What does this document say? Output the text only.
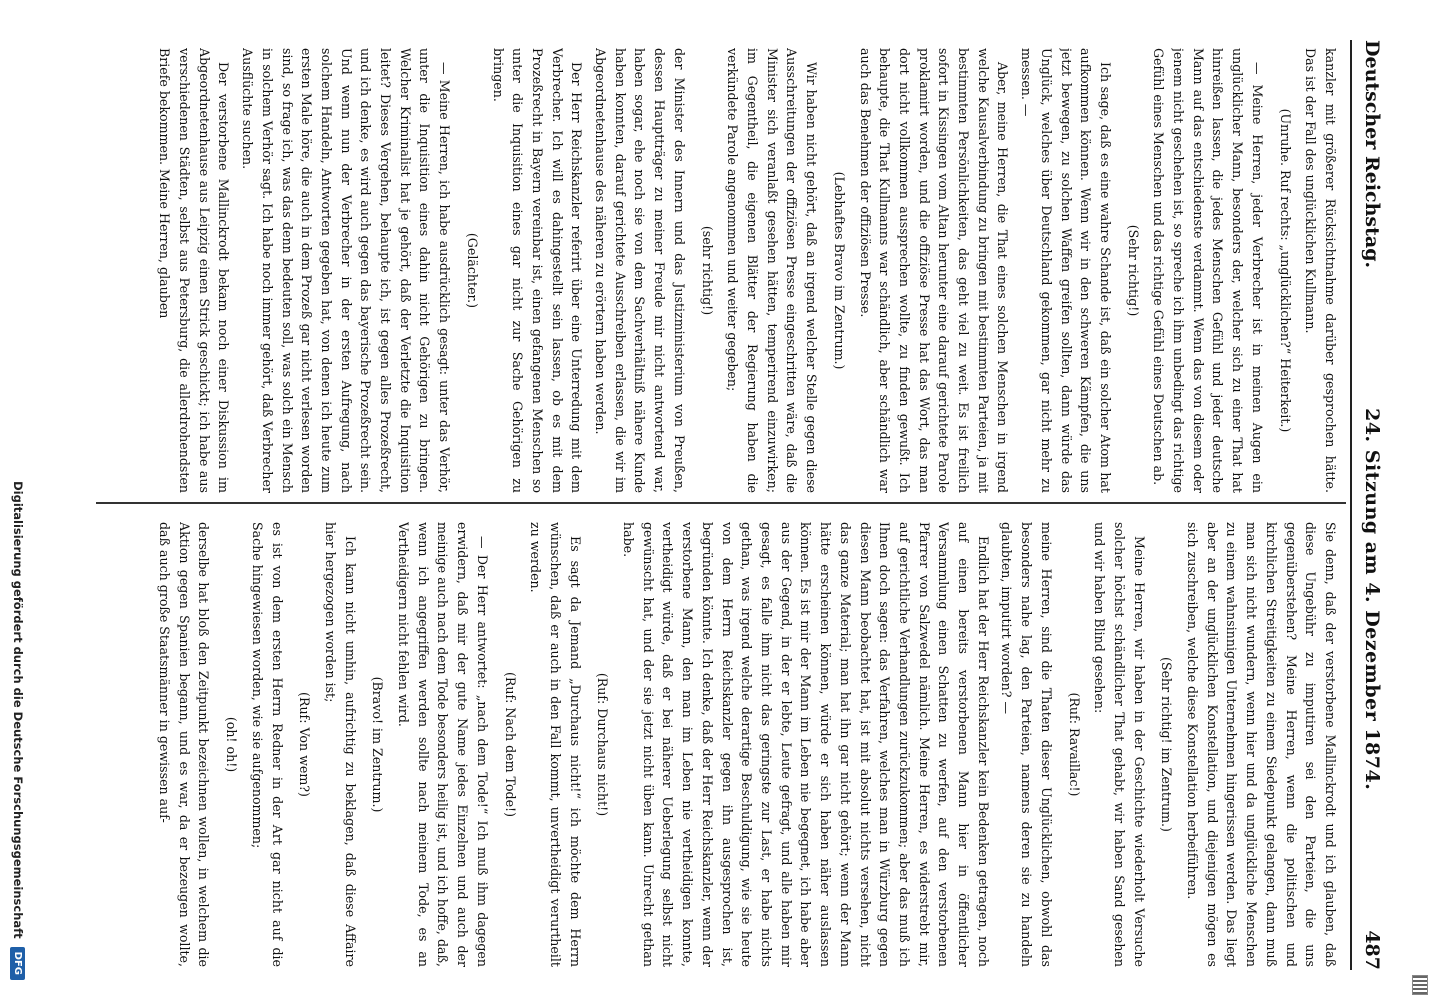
Deutscher Reichstag.
24. Sitzung am 4. Dezember 1874.
487

kanzler mit größerer Rücksichtnahme darüber gesprochen hätte. Das ist der Fall des unglücklichen Kullmann.

(Unruhe. Ruf rechts: „unglücklichen?“ Heiterkeit.)

— Meine Herren, jeder Verbrecher ist in meinen Augen ein unglücklicher Mann, besonders der, welcher sich zu einer That hat hinreißen lassen, die jedes Menschen Gefühl und jeder deutsche Mann auf das entschiedenste verdammt. Wenn das von diesem oder jenem nicht geschehen ist, so spreche ich ihm unbedingt das richtige Gefühl eines Menschen und das richtige Gefühl eines Deutschen ab.

(Sehr richtig!)

Ich sage, daß es eine wahre Schande ist, daß ein solcher Atom hat aufkommen können. Wenn wir in den schweren Kämpfen, die uns jetzt bewegen, zu solchen Waffen greifen sollten, dann würde das Unglück, welches über Deutschland gekommen, gar nicht mehr zu messen. —

Aber, meine Herren, die That eines solchen Menschen in irgend welche Kausalverbindung zu bringen mit bestimmten Parteien, ja mit bestimmten Persönlichkeiten, das geht viel zu weit. Es ist freilich sofort in Kissingen vom Altan herunter eine darauf gerichtete Parole proklamirt worden, und die offiziöse Presse hat das Wort, das man dort nicht vollkommen aussprechen wollte, zu finden gewußt. Ich behaupte, die That Kullmanns war schändlich, aber schändlich war auch das Benehmen der offiziösen Presse.

(Lebhaftes Bravo im Zentrum.)

Wir haben nicht gehört, daß an irgend welcher Stelle gegen diese Ausschreitungen der offiziösen Presse eingeschritten wäre, daß die Minister sich veranlaßt gesehen hätten, temperirend einzuwirken; im Gegentheil, die eigenen Blätter der Regierung haben die verkündete Parole angenommen und weiter gegeben;

(sehr richtig!)

der Minister des Innern und das Justizministerium von Preußen, dessen Hauptträger zu meiner Freude mir nicht antwortend war, haben sogar, ehe noch sie von dem Sachverhältniß nähere Kunde haben konnten, darauf gerichtete Ausschreiben erlassen, die wir im Abgeordnetenhause des näheren zu erörtern haben werden.

Der Herr Reichskanzler referirt über eine Unterredung mit dem Verbrecher. Ich will es dahingestellt sein lassen, ob es mit dem Prozeßrecht in Bayern vereinbar ist, einen gefangenen Menschen so unter die Inquisition eines gar nicht zur Sache Gehörigen zu bringen.

(Gelächter.)

— Meine Herren, ich habe ausdrücklich gesagt: unter das Verhör, unter die Inquisition eines dahin nicht Gehörigen zu bringen. Welcher Kriminalist hat je gehört, daß der Verletzte die Inquisition leitet? Dieses Vergehen, behaupte ich, ist gegen alles Prozeßrecht, und ich denke, es wird auch gegen das bayerische Prozeßrecht sein. Und wenn nun der Verbrecher in der ersten Aufregung, nach solchem Handeln, Antworten gegeben hat, von denen ich heute zum ersten Male höre, die auch in dem Prozeß gar nicht verlesen worden sind, so frage ich, was das denn bedeuten soll, was solch ein Mensch in solchem Verhör sagt. Ich habe noch immer gehört, daß Verbrecher Ausflüchte suchen.

Der verstorbene Mallinckrodt bekam noch einer Diskussion im Abgeordnetenhause aus Leipzig einen Strick geschickt; ich habe aus verschiedenen Städten, selbst aus Petersburg, die allerdrohendsten Briefe bekommen. Meine Herren, glauben

Sie denn, daß der verstorbene Mallinckrodt und ich glauben, daß diese Ungebühr zu imputiren sei den Parteien, die uns gegenüberstehen? Meine Herren, wenn die politischen und kirchlichen Streitigkeiten zu einem Siedepunkt gelangen, dann muß man sich nicht wundern, wenn hier und da unglückliche Menschen zu einem wahnsinnigen Unternehmen hingerissen werden. Das liegt aber an der unglücklichen Konstellation, und diejenigen mögen es sich zuschreiben, welche diese Konstellation herbeiführen.

(Sehr richtig! im Zentrum.)

Meine Herren, wir haben in der Geschichte wiederholt Versuche solcher höchst schändlicher That gehabt, wir haben Sand gesehen und wir haben Blind gesehen:

(Ruf: Ravaillac!)

meine Herren, sind die Thaten dieser Unglücklichen, obwohl das besonders nahe lag, den Parteien, namens deren sie zu handeln glaubten, imputirt worden? —

Endlich hat der Herr Reichskanzler kein Bedenken getragen, noch auf einen bereits verstorbenen Mann hier in öffentlicher Versammlung einen Schatten zu werfen, auf den verstorbenen Pfarrer von Salzwedel nämlich. Meine Herren, es widerstrebt mir, auf gerichtliche Verhandlungen zurückzukommen; aber das muß ich Ihnen doch sagen: das Verfahren, welches man in Würzburg gegen diesen Mann beobachtet hat, ist mit absolut nichts versehen, nicht das ganze Material; man hat ihn gar nicht gehört; wenn der Mann hätte erscheinen können, würde er sich haben näher auslassen können. Es ist mir der Mann im Leben nie begegnet, ich habe aber aus der Gegend, in der er lebte, Leute gefragt, und alle haben mir gesagt, es falle ihm nicht das geringste zur Last, er habe nichts gethan, was irgend welche derartige Beschuldigung, wie sie heute von dem Herrn Reichskanzler gegen ihn ausgesprochen ist, begründen könnte. Ich denke, daß der Herr Reichskanzler, wenn der verstorbene Mann, den man im Leben nie vertheidigen konnte, vertheidigt würde, daß er bei näherer Ueberlegung selbst nicht gewünscht hat, und der sie jetzt nicht üben kann. Unrecht gethan habe.

(Ruf: Durchaus nicht!)

Es sagt da Jemand „Durchaus nicht!“ ich möchte dem Herrn wünschen, daß er auch in den Fall kommt, unvertheidigt verurtheilt zu werden.

(Ruf: Nach dem Tode!)

— Der Herr antwortet: „nach dem Tode!“ Ich muß ihm dagegen erwidern, daß mir der gute Name jedes Einzelnen und auch der meinige auch nach dem Tode besonders heilig ist, und ich hoffe, daß, wenn ich angegriffen werden sollte nach meinem Tode, es an Vertheidigern nicht fehlen wird.

(Bravo! im Zentrum.)

Ich kann nicht umhin, aufrichtig zu beklagen, daß diese Affaire hier hergezogen worden ist;

(Ruf: Von wem?)

es ist von dem ersten Herrn Redner in der Art gar nicht auf die Sache hingewiesen worden, wie sie aufgenommen;

(oh! oh!)

derselbe hat bloß den Zeitpunkt bezeichnen wollen, in welchem die Aktion gegen Spanien begann, und es war, da er bezeugen wollte, daß auch große Staatsmänner in gewissen auf-

Digitalisierung gefördert durch die Deutsche Forschungsgemeinschaft
DFG
